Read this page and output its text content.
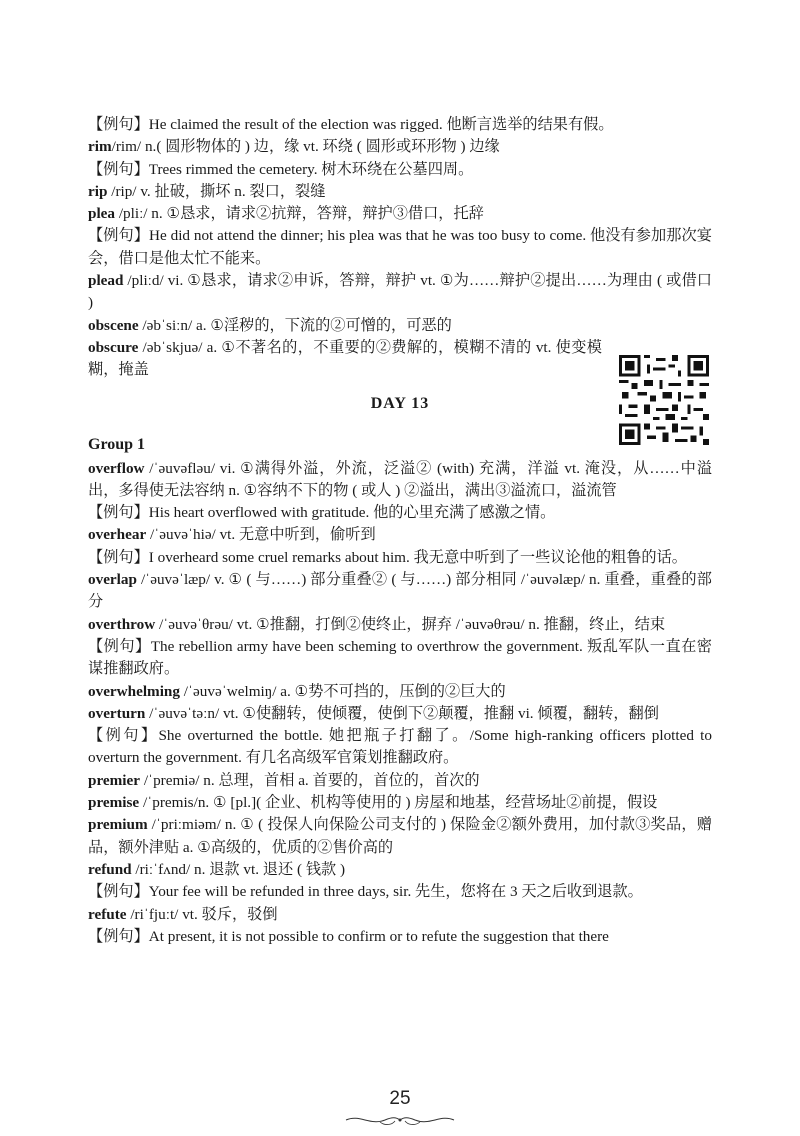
【例句】He claimed the result of the election was rigged. 他断言选举的结果有假。
rim/rim/ n.( 圆形物体的 ) 边，缘 vt. 环绕 ( 圆形或环形物 ) 边缘
【例句】Trees rimmed the cemetery. 树木环绕在公墓四周。
rip /rip/ v. 扯破，撕坏 n. 裂口，裂缝
plea /pliː/ n. ①恳求，请求②抗辩，答辩，辩护③借口，托辞
【例句】He did not attend the dinner; his plea was that he was too busy to come. 他没有参加那次宴会，借口是他太忙不能来。
plead /pliːd/ vi. ①恳求，请求②申诉，答辩，辩护 vt. ①为……辩护②提出……为理由 ( 或借口 )
obscene /əbˈsiːn/ a. ①淫秽的，下流的②可憎的，可恶的
obscure /əbˈskjuə/ a. ①不著名的，不重要的②费解的，模糊不清的 vt. 使变模糊，掩盖
DAY 13
Group 1
overflow /ˈəuvəfləu/ vi. ①满得外溢，外流，泛溢② (with) 充满，洋溢 vt. 淹没，从……中溢出，多得使无法容纳 n. ①容纳不下的物 ( 或人 ) ②溢出，满出③溢流口，溢流管
【例句】His heart overflowed with gratitude. 他的心里充满了感激之情。
overhear /ˈəuvəˈhiə/ vt. 无意中听到，偷听到
【例句】I overheard some cruel remarks about him. 我无意中听到了一些议论他的粗鲁的话。
overlap /ˈəuvəˈlæp/ v. ① ( 与……) 部分重叠② ( 与……) 部分相同 /ˈəuvəlæp/ n. 重叠，重叠的部分
overthrow /ˈəuvəˈθrəu/ vt. ①推翻，打倒②使终止，摒弃 /ˈəuvəθrəu/ n. 推翻，终止，结束
【例句】The rebellion army have been scheming to overthrow the government. 叛乱军队一直在密谋推翻政府。
overwhelming /ˈəuvəˈwelmiŋ/ a. ①势不可挡的，压倒的②巨大的
overturn /ˈəuvəˈtəːn/ vt. ①使翻转，使倾覆，使倒下②颠覆，推翻 vi. 倾覆，翻转，翻倒
【例句】She overturned the bottle. 她把瓶子打翻了。/Some high-ranking officers plotted to overturn the government. 有几名高级军官策划推翻政府。
premier /ˈpremiə/ n. 总理，首相 a. 首要的，首位的，首次的
premise /ˈpremis/n. ① [pl.]( 企业、机构等使用的 ) 房屋和地基，经营场址②前提，假设
premium /ˈpriːmiəm/ n. ① ( 投保人向保险公司支付的 ) 保险金②额外费用，加付款③奖品，赠品，额外津贴 a. ①高级的，优质的②售价高的
refund /riːˈfʌnd/ n. 退款 vt. 退还 ( 钱款 )
【例句】Your fee will be refunded in three days, sir. 先生，您将在 3 天之后收到退款。
refute /riˈfjuːt/ vt. 驳斥，驳倒
【例句】At present, it is not possible to confirm or to refute the suggestion that there
25
